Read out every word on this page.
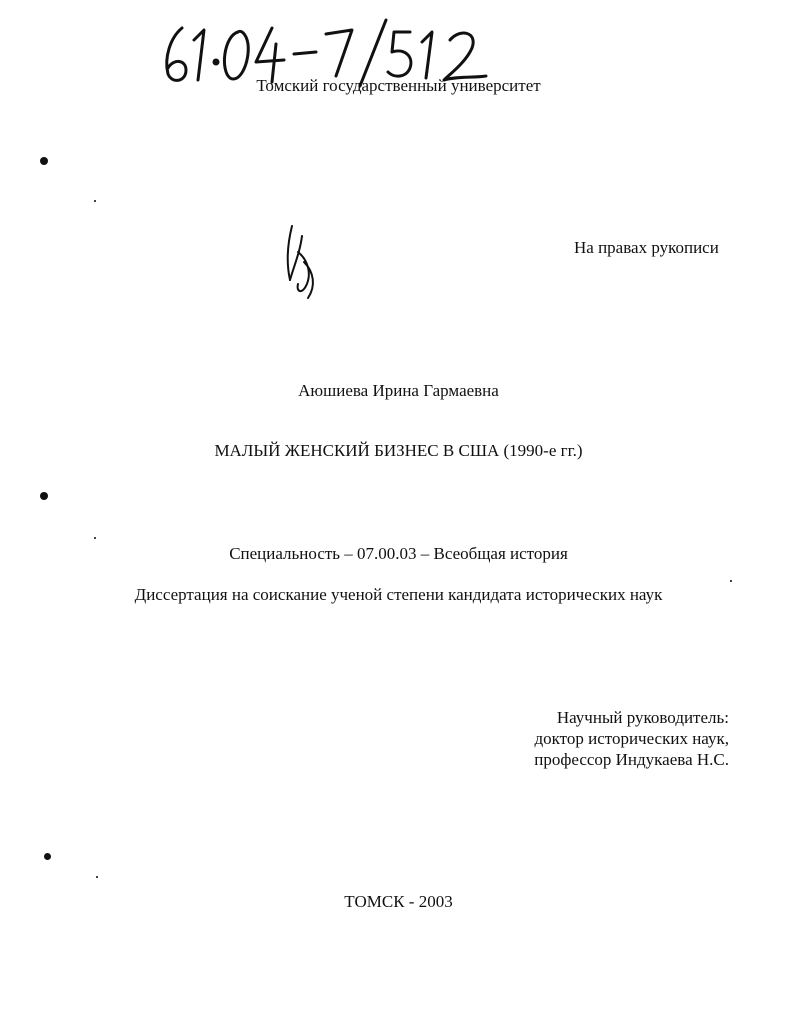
Томский государственный университет
На правах рукописи
Аюшиева Ирина Гармаевна
МАЛЫЙ ЖЕНСКИЙ БИЗНЕС В США (1990-е гг.)
Специальность – 07.00.03 – Всеобщая история
Диссертация на соискание ученой степени кандидата исторических наук
Научный руководитель:
доктор исторических наук,
профессор Индукаева Н.С.
ТОМСК - 2003
